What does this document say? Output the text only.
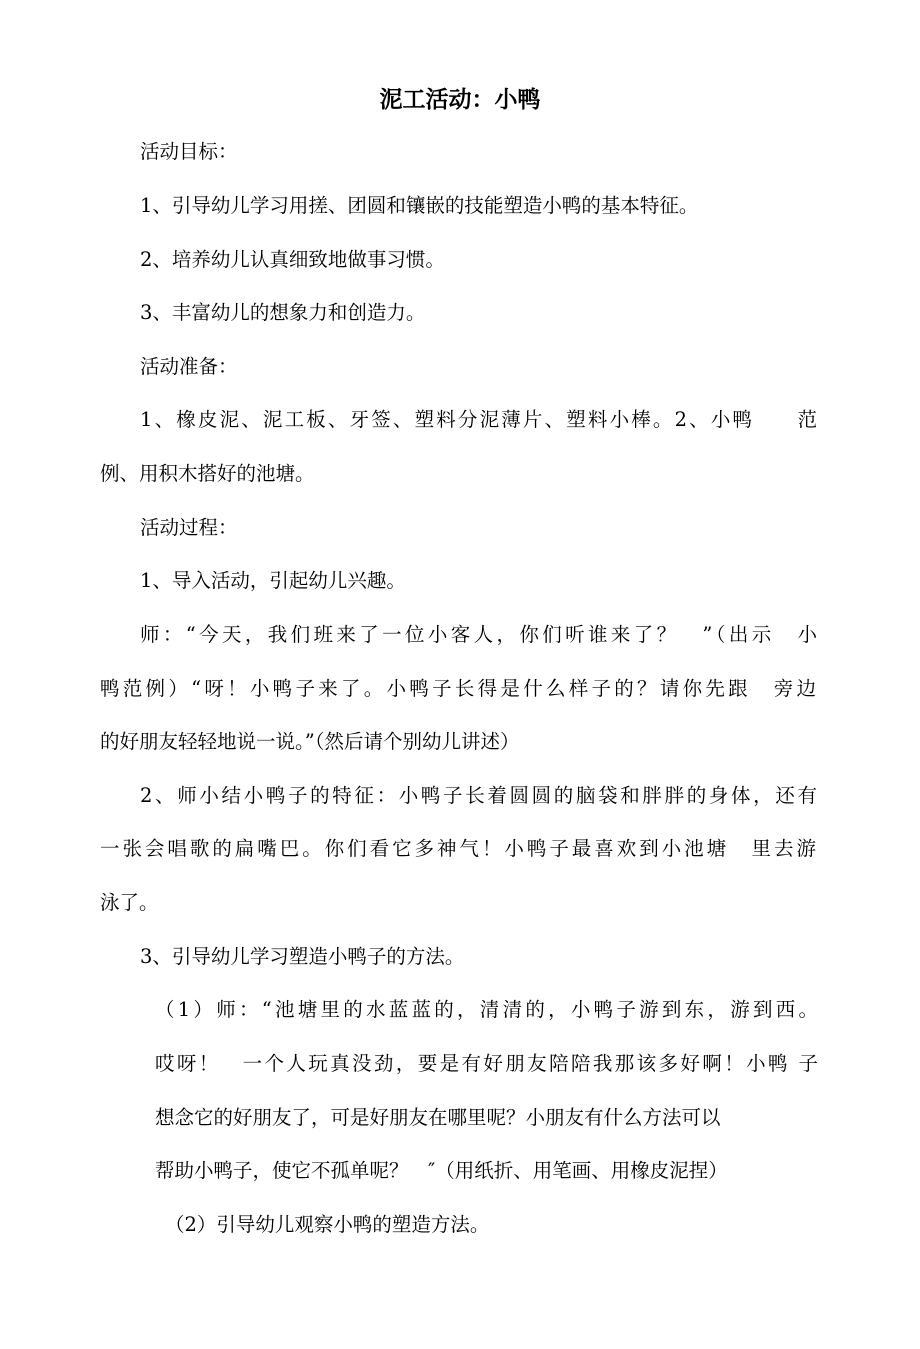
泥工活动：小鸭
活动目标：
1、引导幼儿学习用搓、团圆和镶嵌的技能塑造小鸭的基本特征。
2、培养幼儿认真细致地做事习惯。
3、丰富幼儿的想象力和创造力。
活动准备：
1、橡皮泥、泥工板、牙签、塑料分泥薄片、塑料小棒。2、小鸭　　范
例、用积木搭好的池塘。
活动过程：
1、导入活动，引起幼儿兴趣。
师：“今天，我们班来了一位小客人，你们听谁来了？　”（出示　小
鸭范例）“呀！小鸭子来了。小鸭子长得是什么样子的？请你先跟　旁边
的好朋友轻轻地说一说。”（然后请个别幼儿讲述）
2、师小结小鸭子的特征：小鸭子长着圆圆的脑袋和胖胖的身体，还有
一张会唱歌的扁嘴巴。你们看它多神气！小鸭子最喜欢到小池塘　里去游
泳了。
3、引导幼儿学习塑造小鸭子的方法。
（1）师：“池塘里的水蓝蓝的，清清的，小鸭子游到东，游到西。
哎呀！　一个人玩真没劲，要是有好朋友陪陪我那该多好啊！小鸭 子
想念它的好朋友了，可是好朋友在哪里呢？小朋友有什么方法可以
帮助小鸭子，使它不孤单呢？　″（用纸折、用笔画、用橡皮泥捏）
（2）引导幼儿观察小鸭的塑造方法。
